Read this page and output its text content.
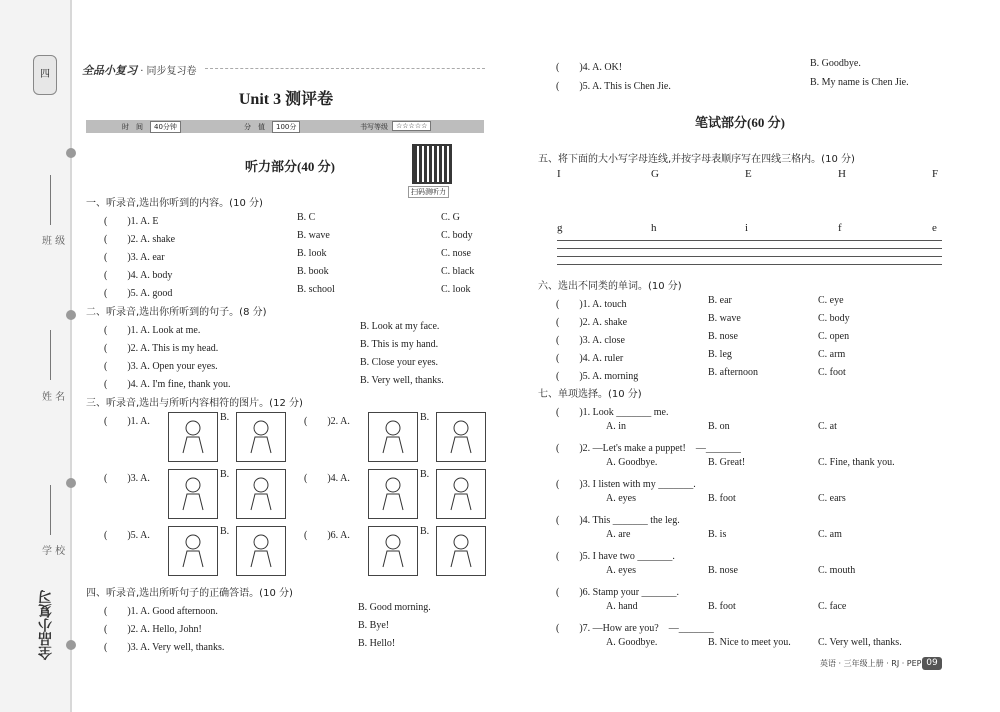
四
班 级
姓 名
学 校
全品小复习
全品小复习 · 同步复习卷
Unit 3 测评卷
时　间	40分钟	分　值	100分	书写等级	☆☆☆☆☆
听力部分(40 分)
扫码测听力
一、听录音,选出你听到的内容。(10 分)
二、听录音,选出你所听到的句子。(8 分)
三、听录音,选出与所听内容相符的图片。(12 分)
四、听录音,选出所听句子的正确答语。(10 分)
笔试部分(60 分)
五、将下面的大小写字母连线,并按字母表顺序写在四线三格内。(10 分)
六、选出不同类的单词。(10 分)
七、单项选择。(10 分)
英语 · 三年级上册 · RJ · PEP 09
(　　)1. A. E	B. C	C. G
(　　)2. A. shake	B. wave	C. body
(　　)3. A. ear	B. look	C. nose
(　　)4. A. body	B. book	C. black
(　　)5. A. good	B. school	C. look
(　　)1. A. Look at me.	B. Look at my face.
(　　)2. A. This is my head.	B. This is my hand.
(　　)3. A. Open your eyes.	B. Close your eyes.
(　　)4. A. I'm fine, thank you.	B. Very well, thanks.
(　　)1. A.	B.	(　　)2. A.	B.
(　　)3. A.	B.	(　　)4. A.	B.
(　　)5. A.	B.	(　　)6. A.	B.
(　　)1. A. Good afternoon.	B. Good morning.
(　　)2. A. Hello, John!	B. Bye!
(　　)3. A. Very well, thanks.	B. Hello!
(　　)4. A. OK!	B. Goodbye.
(　　)5. A. This is Chen Jie.	B. My name is Chen Jie.
I	G	E	H	F
g	h	i	f	e
(　　)1. A. touch	B. ear	C. eye
(　　)2. A. shake	B. wave	C. body
(　　)3. A. close	B. nose	C. open
(　　)4. A. ruler	B. leg	C. arm
(　　)5. A. morning	B. afternoon	C. foot
(　　)1. Look _______ me.
A. in	B. on	C. at
(　　)2. —Let's make a puppet!　—_______
A. Goodbye.	B. Great!	C. Fine, thank you.
(　　)3. I listen with my _______.
A. eyes	B. foot	C. ears
(　　)4. This _______ the leg.
A. are	B. is	C. am
(　　)5. I have two _______.
A. eyes	B. nose	C. mouth
(　　)6. Stamp your _______.
A. hand	B. foot	C. face
(　　)7. —How are you?　—_______
A. Goodbye.	B. Nice to meet you.	C. Very well, thanks.
